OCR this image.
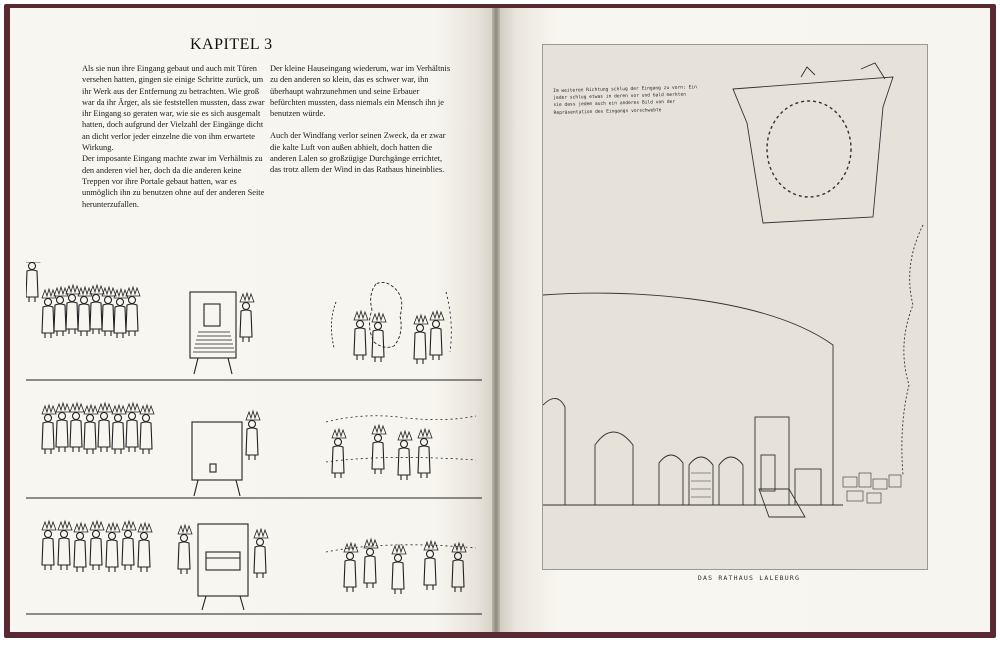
KAPITEL 3

Als sie nun ihre Eingang gebaut und auch mit Türen versehen hatten, gingen sie einige Schritte zurück, um ihr Werk aus der Entfernung zu betrachten. Wie groß war da ihr Ärger, als sie feststellen mussten, dass zwar ihr Eingang so geraten war, wie sie es sich ausgemalt hatten, doch aufgrund der Vielzahl der Eingänge dicht an dicht verlor jeder einzelne die von ihm erwartete Wirkung.

Der imposante Eingang machte zwar im Verhältnis zu den anderen viel her, doch da die anderen keine Treppen vor ihre Portale gebaut hatten, war es unmöglich ihn zu benutzen ohne auf der anderen Seite herunterzufallen.

Der kleine Hauseingang wiederum, war im Verhältnis zu den anderen so klein, das es schwer war, ihn überhaupt wahrzunehmen und seine Erbauer befürchten mussten, dass niemals ein Mensch ihn je benutzen würde.

Auch der Windfang verlor seinen Zweck, da er zwar die kalte Luft von außen abhielt, doch hatten die anderen Lalen so großzügige Durchgänge errichtet, das trotz allem der Wind in das Rathaus hineinblies.

Im weiteren Richtung schlug der Eingang zu vorn: Ein
jeder schlug etwas in deren vor und bald merkten
sie dass jedem auch ein anderes Bild von der
Repräsentation des Eingangs vorschwebte
DAS RATHAUS LALEBURG
